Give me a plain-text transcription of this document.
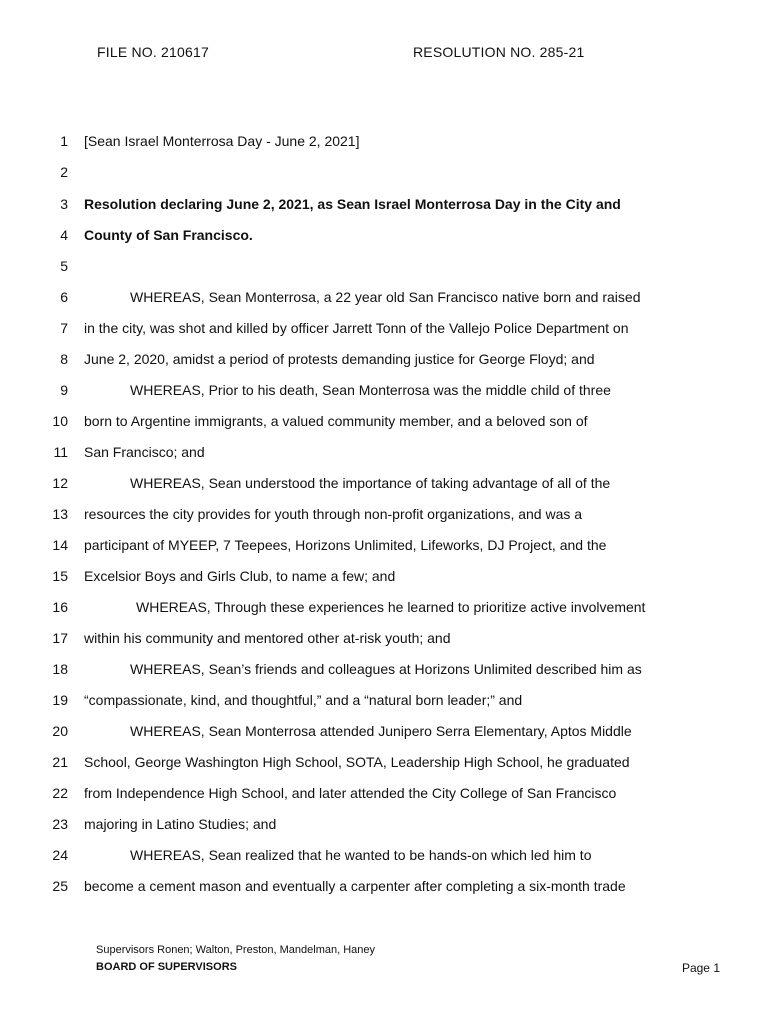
FILE NO. 210617	RESOLUTION NO. 285-21
1 [Sean Israel Monterrosa Day - June 2, 2021]
2
3 Resolution declaring June 2, 2021, as Sean Israel Monterrosa Day in the City and
4 County of San Francisco.
5
6	WHEREAS, Sean Monterrosa, a 22 year old San Francisco native born and raised
7 in the city, was shot and killed by officer Jarrett Tonn of the Vallejo Police Department on
8 June 2, 2020, amidst a period of protests demanding justice for George Floyd; and
9	WHEREAS, Prior to his death, Sean Monterrosa was the middle child of three
10 born to Argentine immigrants, a valued community member, and a beloved son of
11 San Francisco; and
12	WHEREAS, Sean understood the importance of taking advantage of all of the
13 resources the city provides for youth through non-profit organizations, and was a
14 participant of MYEEP, 7 Teepees, Horizons Unlimited, Lifeworks, DJ Project, and the
15 Excelsior Boys and Girls Club, to name a few; and
16	WHEREAS, Through these experiences he learned to prioritize active involvement
17 within his community and mentored other at-risk youth; and
18	WHEREAS, Sean’s friends and colleagues at Horizons Unlimited described him as
19 “compassionate, kind, and thoughtful,” and a “natural born leader;” and
20	WHEREAS, Sean Monterrosa attended Junipero Serra Elementary, Aptos Middle
21 School, George Washington High School, SOTA, Leadership High School, he graduated
22 from Independence High School, and later attended the City College of San Francisco
23 majoring in Latino Studies; and
24	WHEREAS, Sean realized that he wanted to be hands-on which led him to
25 become a cement mason and eventually a carpenter after completing a six-month trade
Supervisors Ronen; Walton, Preston, Mandelman, Haney
BOARD OF SUPERVISORS	Page 1
